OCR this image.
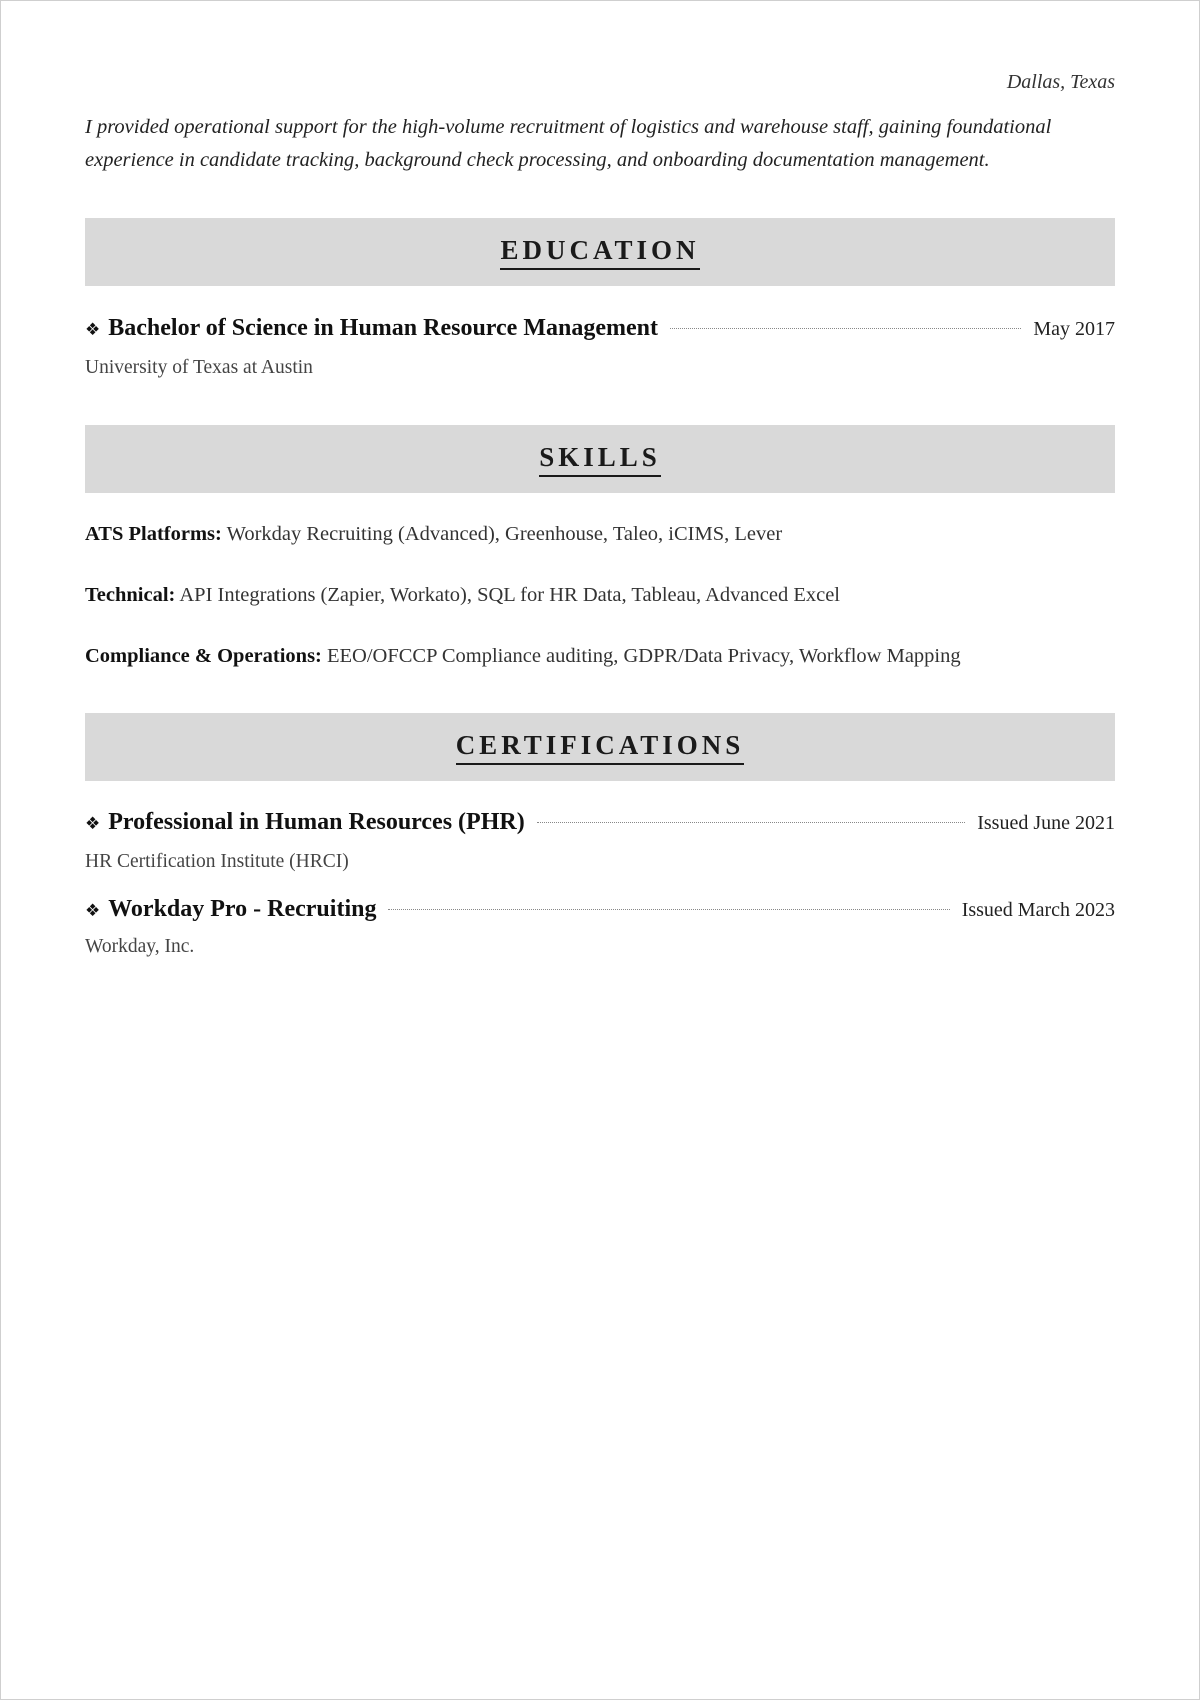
Dallas, Texas
I provided operational support for the high-volume recruitment of logistics and warehouse staff, gaining foundational experience in candidate tracking, background check processing, and onboarding documentation management.
EDUCATION
❖ Bachelor of Science in Human Resource Management	May 2017
University of Texas at Austin
SKILLS
ATS Platforms: Workday Recruiting (Advanced), Greenhouse, Taleo, iCIMS, Lever
Technical: API Integrations (Zapier, Workato), SQL for HR Data, Tableau, Advanced Excel
Compliance & Operations: EEO/OFCCP Compliance auditing, GDPR/Data Privacy, Workflow Mapping
CERTIFICATIONS
❖ Professional in Human Resources (PHR)	Issued June 2021
HR Certification Institute (HRCI)
❖ Workday Pro - Recruiting	Issued March 2023
Workday, Inc.
